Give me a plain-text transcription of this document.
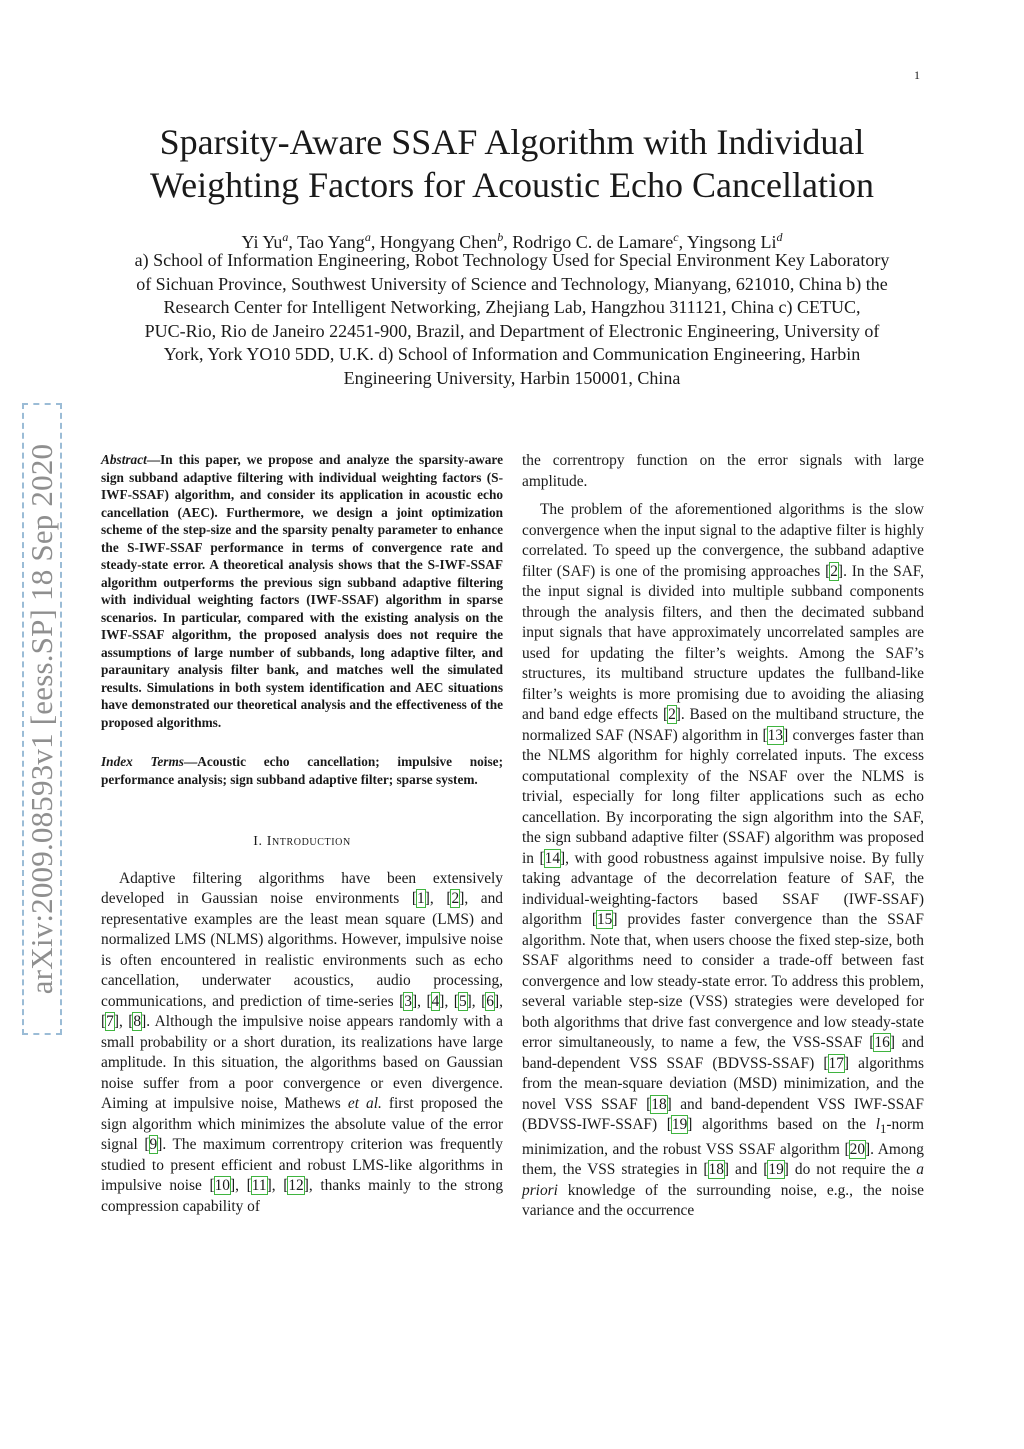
1
arXiv:2009.08593v1 [eess.SP] 18 Sep 2020
Sparsity-Aware SSAF Algorithm with Individual
Weighting Factors for Acoustic Echo Cancellation
Yi Yu$^a$, Tao Yang$^a$, Hongyang Chen$^b$, Rodrigo C. de Lamare$^c$, Yingsong Li$^d$
a) School of Information Engineering, Robot Technology Used for Special Environment Key Laboratory
of Sichuan Province, Southwest University of Science and Technology, Mianyang, 621010, China b) the
Research Center for Intelligent Networking, Zhejiang Lab, Hangzhou 311121, China c) CETUC,
PUC-Rio, Rio de Janeiro 22451-900, Brazil, and Department of Electronic Engineering, University of
York, York YO10 5DD, U.K. d) School of Information and Communication Engineering, Harbin
Engineering University, Harbin 150001, China

Abstract—In this paper, we propose and analyze the sparsity-aware sign subband adaptive filtering with individual weighting factors (S-IWF-SSAF) algorithm, and consider its application in acoustic echo cancellation (AEC). Furthermore, we design a joint optimization scheme of the step-size and the sparsity penalty parameter to enhance the S-IWF-SSAF performance in terms of convergence rate and steady-state error. A theoretical analysis shows that the S-IWF-SSAF algorithm outperforms the previous sign subband adaptive filtering with individual weighting factors (IWF-SSAF) algorithm in sparse scenarios. In particular, compared with the existing analysis on the IWF-SSAF algorithm, the proposed analysis does not require the assumptions of large number of subbands, long adaptive filter, and paraunitary analysis filter bank, and matches well the simulated results. Simulations in both system identification and AEC situations have demonstrated our theoretical analysis and the effectiveness of the proposed algorithms.

Index Terms—Acoustic echo cancellation; impulsive noise; performance analysis; sign subband adaptive filter; sparse system.

I. Introduction

Adaptive filtering algorithms have been extensively developed in Gaussian noise environments [1], [2], and representative examples are the least mean square (LMS) and normalized LMS (NLMS) algorithms. However, impulsive noise is often encountered in realistic environments such as echo cancellation, underwater acoustics, audio processing, communications, and prediction of time-series [3], [4], [5], [6], [7], [8]. Although the impulsive noise appears randomly with a small probability or a short duration, its realizations have large amplitude. In this situation, the algorithms based on Gaussian noise suffer from a poor convergence or even divergence. Aiming at impulsive noise, Mathews et al. first proposed the sign algorithm which minimizes the absolute value of the error signal [9]. The maximum correntropy criterion was frequently studied to present efficient and robust LMS-like algorithms in impulsive noise [10], [11], [12], thanks mainly to the strong compression capability of

the correntropy function on the error signals with large amplitude.

The problem of the aforementioned algorithms is the slow convergence when the input signal to the adaptive filter is highly correlated. To speed up the convergence, the subband adaptive filter (SAF) is one of the promising approaches [2]. In the SAF, the input signal is divided into multiple subband components through the analysis filters, and then the decimated subband input signals that have approximately uncorrelated samples are used for updating the filter’s weights. Among the SAF’s structures, its multiband structure updates the fullband-like filter’s weights is more promising due to avoiding the aliasing and band edge effects [2]. Based on the multiband structure, the normalized SAF (NSAF) algorithm in [13] converges faster than the NLMS algorithm for highly correlated inputs. The excess computational complexity of the NSAF over the NLMS is trivial, especially for long filter applications such as echo cancellation. By incorporating the sign algorithm into the SAF, the sign subband adaptive filter (SSAF) algorithm was proposed in [14], with good robustness against impulsive noise. By fully taking advantage of the decorrelation feature of SAF, the individual-weighting-factors based SSAF (IWF-SSAF) algorithm [15] provides faster convergence than the SSAF algorithm. Note that, when users choose the fixed step-size, both SSAF algorithms need to consider a trade-off between fast convergence and low steady-state error. To address this problem, several variable step-size (VSS) strategies were developed for both algorithms that drive fast convergence and low steady-state error simultaneously, to name a few, the VSS-SSAF [16] and band-dependent VSS SSAF (BDVSS-SSAF) [17] algorithms from the mean-square deviation (MSD) minimization, and the novel VSS SSAF [18] and band-dependent VSS IWF-SSAF (BDVSS-IWF-SSAF) [19] algorithms based on the $l_1$-norm minimization, and the robust VSS SSAF algorithm [20]. Among them, the VSS strategies in [18] and [19] do not require the a priori knowledge of the surrounding noise, e.g., the noise variance and the occurrence
